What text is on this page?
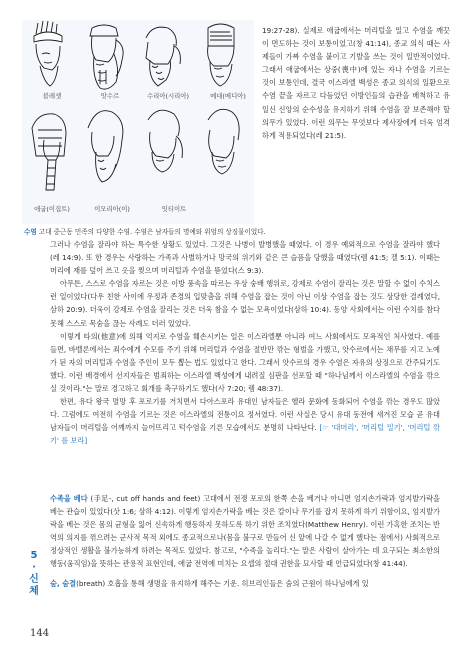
블레셋	앗수르	수리아(시리아)	메대(메디아)
애굽(이집트)	이모리아(이)	잇티이트
수염 고대 중근동 민족의 다양한 수염. 수염은 남자들의 명예와 위엄의 상징물이었다.
19:27-28). 실제로 애굽에서는 머리털을 밀고 수염을 깨끗이 면도하는 것이 보통이었고(창 41:14), 종교 의식 때는 사제들이 가짜 수염을 붙이고 기발을 쓰는 것이 일반적이었다. 그래서 애굽에서는 상중(喪中)에 있는 자나 수염을 기르는 것이 보통인데, 결국 이스라엘 백성은 종교 의식의 일환으로 수염 끝을 자르고 다듬었던 이방인들의 습관을 배척하고 유일신 신앙의 순수성을 유지하기 위해 수염을 잘 보존해야 할 의무가 있었다. 이런 의무는 무엇보다 제사장에게 더욱 엄격하게 적용되었다(레 21:5).

그러나 수염을 잘라야 하는 특수한 상황도 있었다. 그것은 나병이 발병했을 때였다. 이 경우 예외적으로 수염을 잘라야 했다(레 14:9). 또 한 경우는 사랑하는 가족과 사별하거나 망국의 위기와 같은 큰 슬픔을 당했을 때였다(렘 41:5; 겔 5:1). 이때는 머리에 재를 덮어 쓰고 옷을 찢으며 머리털과 수염을 뜯었다(스 9:3).

아무튼, 스스로 수염을 자르는 것은 이방 풍속을 따르는 우상 숭배 행위로, 강제로 수염이 잘리는 것은 말할 수 없이 수치스런 일이었다(다우 친한 사이에 우정과 존경의 입맞춤을 위해 수염을 잡는 것이 아닌 이상 수염을 잡는 것도 상당한 결례였다, 삼하 20:9). 더욱이 강제로 수염을 잘리는 것은 더욱 참을 수 없는 모욕이었다(삼하 10:4). 동양 사회에서는 이런 수치를 참다 못해 스스로 목숨을 끊는 사례도 더러 있었다.

이렇게 타의(他意)에 의해 억지로 수염을 훼손시키는 일은 이스라엘뿐 아니라 여느 사회에서도 모욕적인 처사였다. 예를 들면, 바벨론에서는 죄수에게 수모를 주기 위해 머리털과 수염을 절반만 깎는 형벌을 가했고, 앗수르에서는 채무를 지고 노예가 된 자의 머리털과 수염을 주인이 모두 뽑는 법도 있었다고 한다. 그래서 앗수르의 경우 수염은 자유의 상징으로 간주되기도 했다. 이런 배경에서 선지자들은 범죄하는 이스라엘 백성에게 내려질 심판을 선포할 때 "하나님께서 이스라엘의 수염을 깎으실 것이라."는 말로 경고하고 회개를 촉구하기도 했다(사 7:20; 렘 48:37).

한편, 유다 왕국 멸망 후 포로기를 거치면서 다아스포라 유대인 남자들은 헬라 문화에 동화되어 수염을 깎는 경우도 많았다. 그럼에도 여전히 수염을 기르는 것은 이스라엘의 전통이요 정서였다. 이런 사실은 당시 유대 동전에 새겨진 모습 곧 유대 남자들이 머리털을 어깨까지 늘어뜨리고 턱수염을 기른 모습에서도 분명히 나타난다. [☞ '대머리', '머리털 밀기', '머리털 깎기' 를 보라]

수족을 베다 (手足-, cut off hands and feet) 고대에서 전쟁 포로의 한쪽 손을 베거나 아니면 엄지손가락과 엄지발가락을 베는 관습이 있었다(삿 1:6; 삼하 4:12). 이렇게 엄지손가락을 베는 것은 칼이나 무기를 잡지 못하게 하기 위함이요, 엄지발가락을 베는 것은 몸의 균형을 잃어 신속하게 행동하지 못하도록 하기 위한 조치였다(Matthew Henry). 이런 가혹한 조치는 반역의 의지를 꺾으려는 군사적 목적 외에도 종교적으로나(몸을 불구로 만들어 신 앞에 나갈 수 없게 했다는 점에서) 사회적으로 정상적인 생활을 불가능하게 하려는 목적도 있었다. 참고로, "수족을 놀리다."는 말은 사람이 살아가는 데 요구되는 최소한의 행동(움직임)을 뜻하는 관용적 표현인데, 애굽 전역에 미치는 요셉의 절대 권한을 묘사할 때 언급되었다(창 41:44).

숨, 숨결(breath) 호흡을 통해 생명을 유지하게 해주는 기운. 히브리인들은 숨의 근원이 하나님에게 있

5
·
신
체
144
